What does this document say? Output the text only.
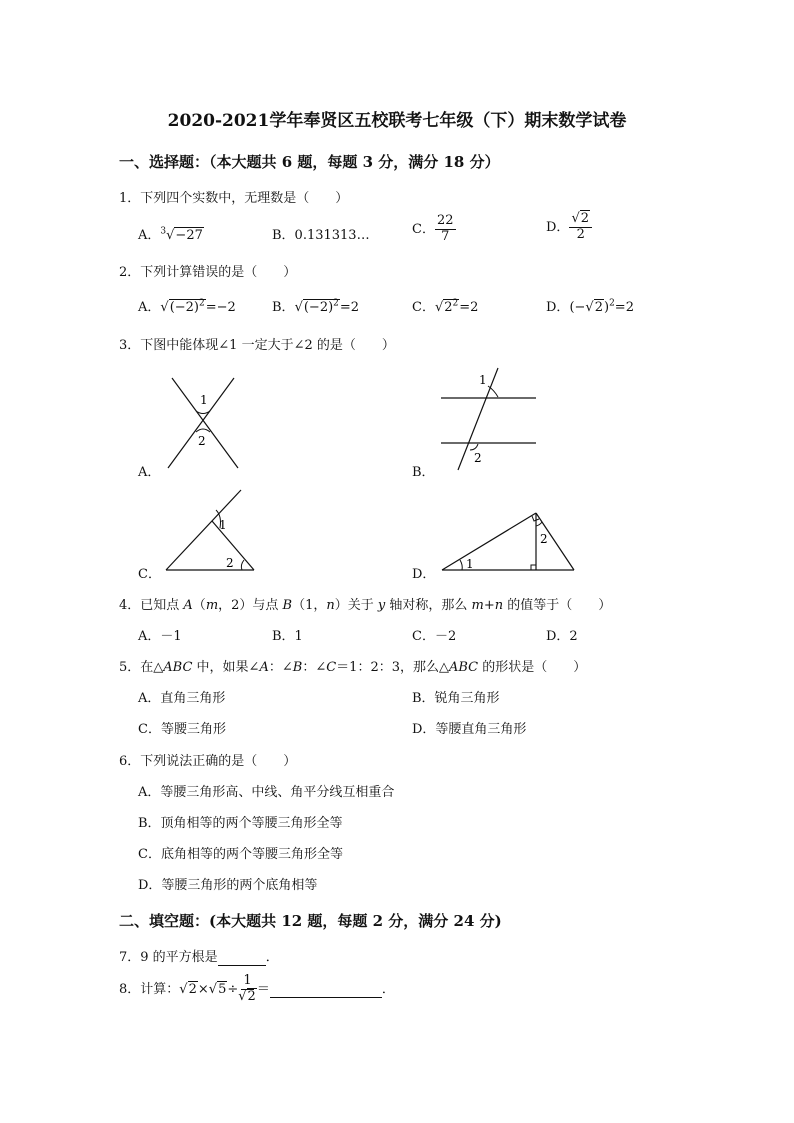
2020-2021学年奉贤区五校联考七年级（下）期末数学试卷
一、选择题：（本大题共 6 题，每题 3 分，满分 18 分）
1．下列四个实数中，无理数是（　　）
A．$^3$√−27	B．0.131313…	C． $\frac{22}{7}$	D． $\frac{√2}{2}$
2．下列计算错误的是（　　）
A．$√(-2)^2=-2$	B．$√(-2)^2=2$	C．$√2^2=2$	D．$(-√2)^2=2$
3．下图中能体现∠1 一定大于∠2 的是（　　）
A．
1
2
B．
1
2
C．
1
2
D．
1
2
4．已知点 A（m，2）与点 B（1，n）关于 y 轴对称，那么 m+n 的值等于（　　）
A．－1	B．1	C．－2	D．2
5．在△ABC 中，如果∠A：∠B：∠C＝1：2：3，那么△ABC 的形状是（　　）
A．直角三角形	B．锐角三角形
C．等腰三角形	D．等腰直角三角形
6．下列说法正确的是（　　）
A．等腰三角形高、中线、角平分线互相重合
B．顶角相等的两个等腰三角形全等
C．底角相等的两个等腰三角形全等
D．等腰三角形的两个底角相等
二、填空题：(本大题共 12 题，每题 2 分，满分 24 分)
7．9 的平方根是	．
8．计算：$√2\times√5\div \frac{1}{√2}$ ＝	．
